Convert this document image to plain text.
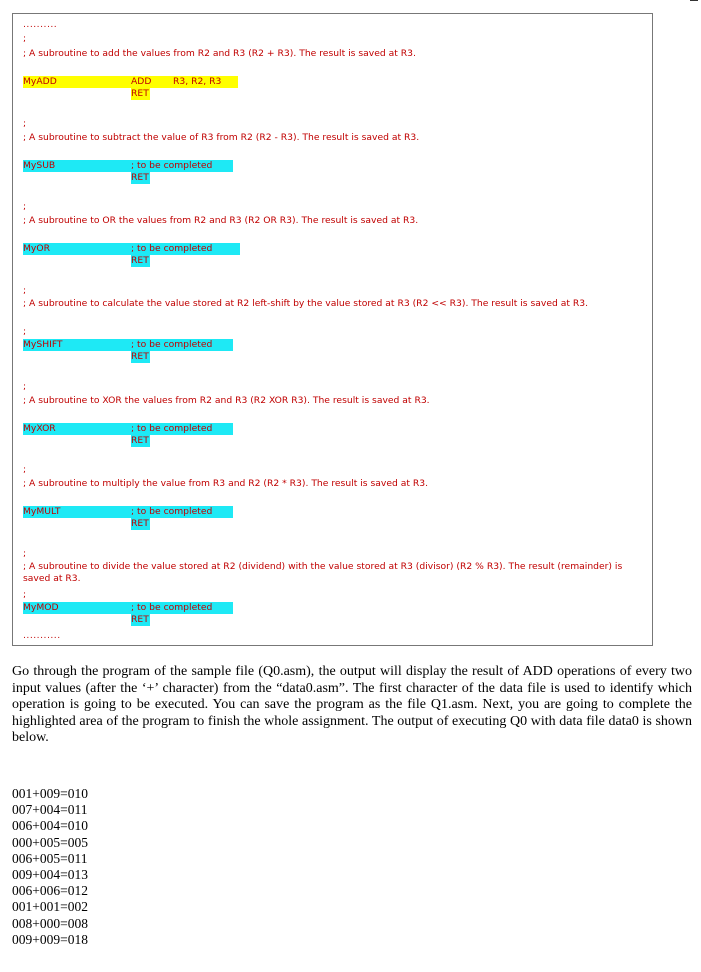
..........
;
; A subroutine to add the values from R2 and R3 (R2 + R3). The result is saved at R3.
MyADD	ADD R3, R2, R3
RET
;
; A subroutine to subtract the value of R3 from R2 (R2 - R3). The result is saved at R3.
MySUB	; to be completed
RET
;
; A subroutine to OR the values from R2 and R3 (R2 OR R3). The result is saved at R3.
MyOR	; to be completed
RET
;
; A subroutine to calculate the value stored at R2 left-shift by the value stored at R3 (R2 << R3). The result is saved at R3.
;
MySHIFT	; to be completed
RET
;
; A subroutine to XOR the values from R2 and R3 (R2 XOR R3). The result is saved at R3.
MyXOR	; to be completed
RET
;
; A subroutine to multiply the value from R3 and R2 (R2 * R3). The result is saved at R3.
MyMULT	; to be completed
RET
;
; A subroutine to divide the value stored at R2 (dividend) with the value stored at R3 (divisor) (R2 % R3). The result (remainder) is saved at R3.
;
MyMOD	; to be completed
RET
...........

Go through the program of the sample file (Q0.asm), the output will display the result of ADD operations of every two input values (after the ‘+’ character) from the “data0.asm”. The first character of the data file is used to identify which operation is going to be executed. You can save the program as the file Q1.asm. Next, you are going to complete the highlighted area of the program to finish the whole assignment. The output of executing Q0 with data file data0 is shown below.

001+009=010
007+004=011
006+004=010
000+005=005
006+005=011
009+004=013
006+006=012
001+001=002
008+000=008
009+009=018
